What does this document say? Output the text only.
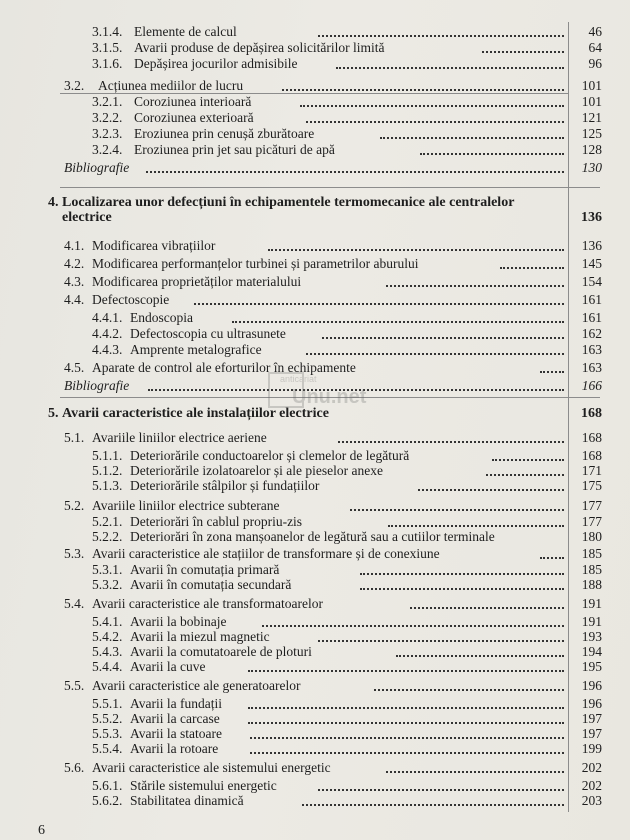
3.1.4. Elemente de calcul	46
3.1.5. Avarii produse de depășirea solicitărilor limită	64
3.1.6. Depășirea jocurilor admisibile	96
3.2. Acțiunea mediilor de lucru	101
3.2.1. Coroziunea interioară	101
3.2.2. Coroziunea exterioară	121
3.2.3. Eroziunea prin cenușă zburătoare	125
3.2.4. Eroziunea prin jet sau picături de apă	128
Bibliografie	130
4. Localizarea unor defecțiuni în echipamentele termomecanice ale centralelor
electrice	136
4.1. Modificarea vibrațiilor	136
4.2. Modificarea performanțelor turbinei și parametrilor aburului	145
4.3. Modificarea proprietăților materialului	154
4.4. Defectoscopie	161
4.4.1. Endoscopia	161
4.4.2. Defectoscopia cu ultrasunete	162
4.4.3. Amprente metalografice	163
4.5. Aparate de control ale eforturilor în echipamente	163
Bibliografie	166
5. Avarii caracteristice ale instalațiilor electrice	168
5.1. Avariile liniilor electrice aeriene	168
5.1.1. Deteriorările conductoarelor și clemelor de legătură	168
5.1.2. Deteriorările izolatoarelor și ale pieselor anexe	171
5.1.3. Deteriorările stâlpilor și fundațiilor	175
5.2. Avariile liniilor electrice subterane	177
5.2.1. Deteriorări în cablul propriu-zis	177
5.2.2. Deteriorări în zona manșoanelor de legătură sau a cutiilor terminale	180
5.3. Avarii caracteristice ale stațiilor de transformare și de conexiune	185
5.3.1. Avarii în comutația primară	185
5.3.2. Avarii în comutația secundară	188
5.4. Avarii caracteristice ale transformatoarelor	191
5.4.1. Avarii la bobinaje	191
5.4.2. Avarii la miezul magnetic	193
5.4.3. Avarii la comutatoarele de ploturi	194
5.4.4. Avarii la cuve	195
5.5. Avarii caracteristice ale generatoarelor	196
5.5.1. Avarii la fundații	196
5.5.2. Avarii la carcase	197
5.5.3. Avarii la statoare	197
5.5.4. Avarii la rotoare	199
5.6. Avarii caracteristice ale sistemului energetic	202
5.6.1. Stările sistemului energetic	202
5.6.2. Stabilitatea dinamică	203
anticariat
Unu.net
6
